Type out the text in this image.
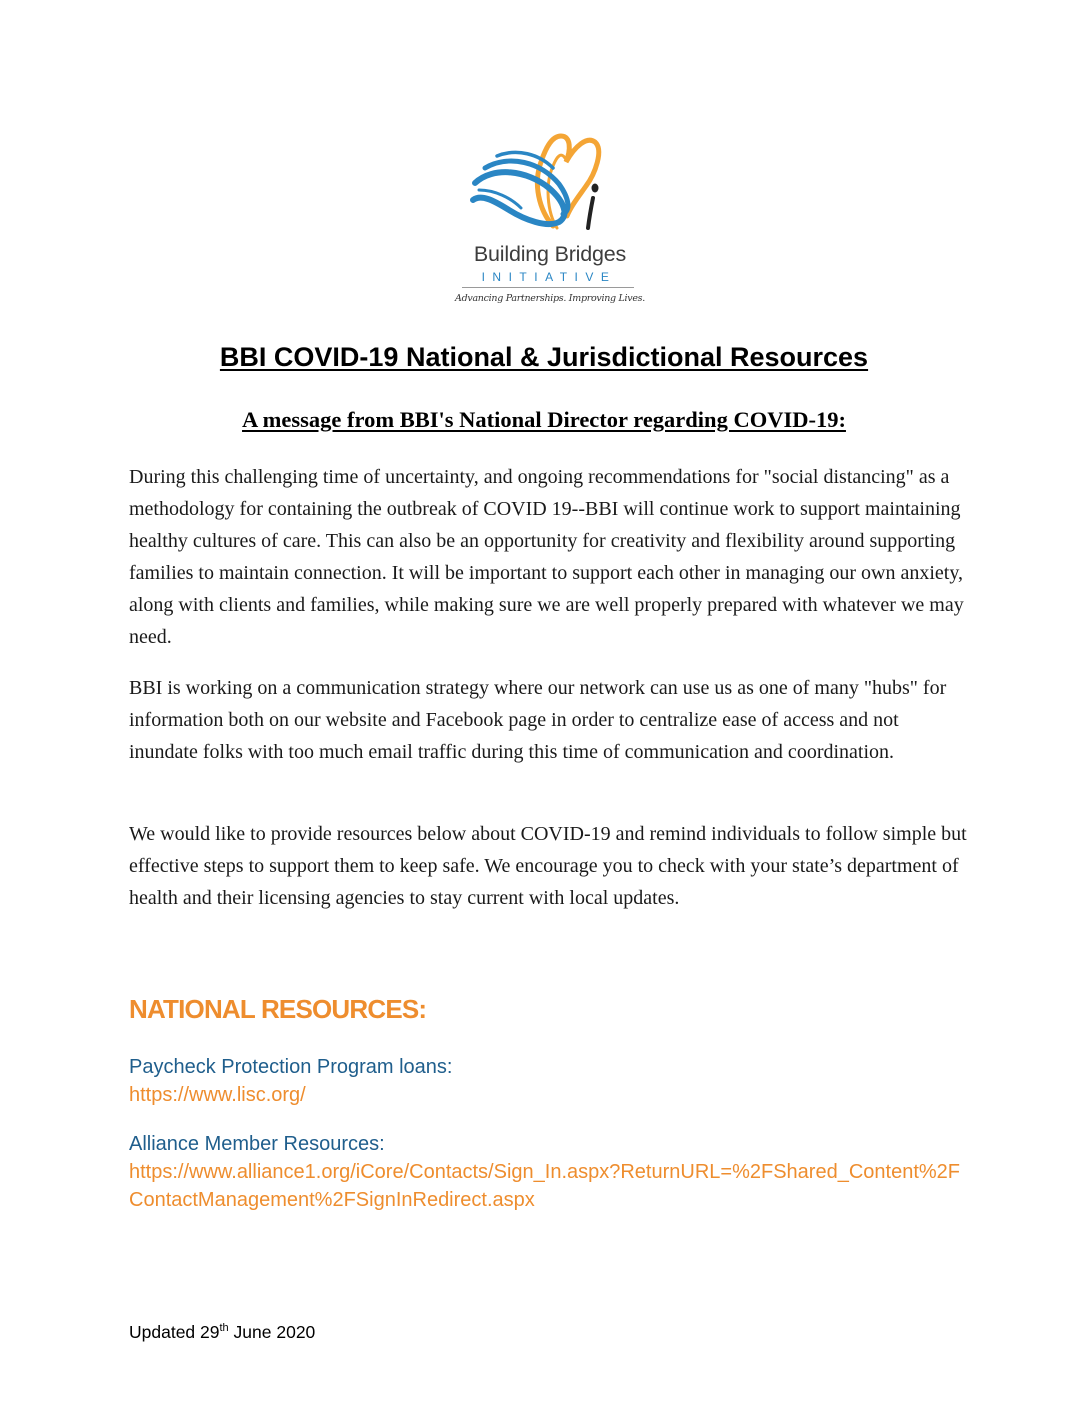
Building Bridges
INITIATIVE
Advancing Partnerships. Improving Lives.
BBI COVID-19 National & Jurisdictional Resources
A message from BBI's National Director regarding COVID-19:

During this challenging time of uncertainty, and ongoing recommendations for "social distancing" as a methodology for containing the outbreak of COVID 19--BBI will continue work to support maintaining healthy cultures of care. This can also be an opportunity for creativity and flexibility around supporting families to maintain connection. It will be important to support each other in managing our own anxiety, along with clients and families, while making sure we are well properly prepared with whatever we may need.

BBI is working on a communication strategy where our network can use us as one of many "hubs" for information both on our website and Facebook page in order to centralize ease of access and not inundate folks with too much email traffic during this time of communication and coordination.

We would like to provide resources below about COVID-19 and remind individuals to follow simple but effective steps to support them to keep safe. We encourage you to check with your state’s department of health and their licensing agencies to stay current with local updates.

NATIONAL RESOURCES:
Paycheck Protection Program loans:
https://www.lisc.org/
Alliance Member Resources:
https://www.alliance1.org/iCore/Contacts/Sign_In.aspx?ReturnURL=%2FShared_Content%2FContactManagement%2FSignInRedirect.aspx
Updated 29th June 2020
